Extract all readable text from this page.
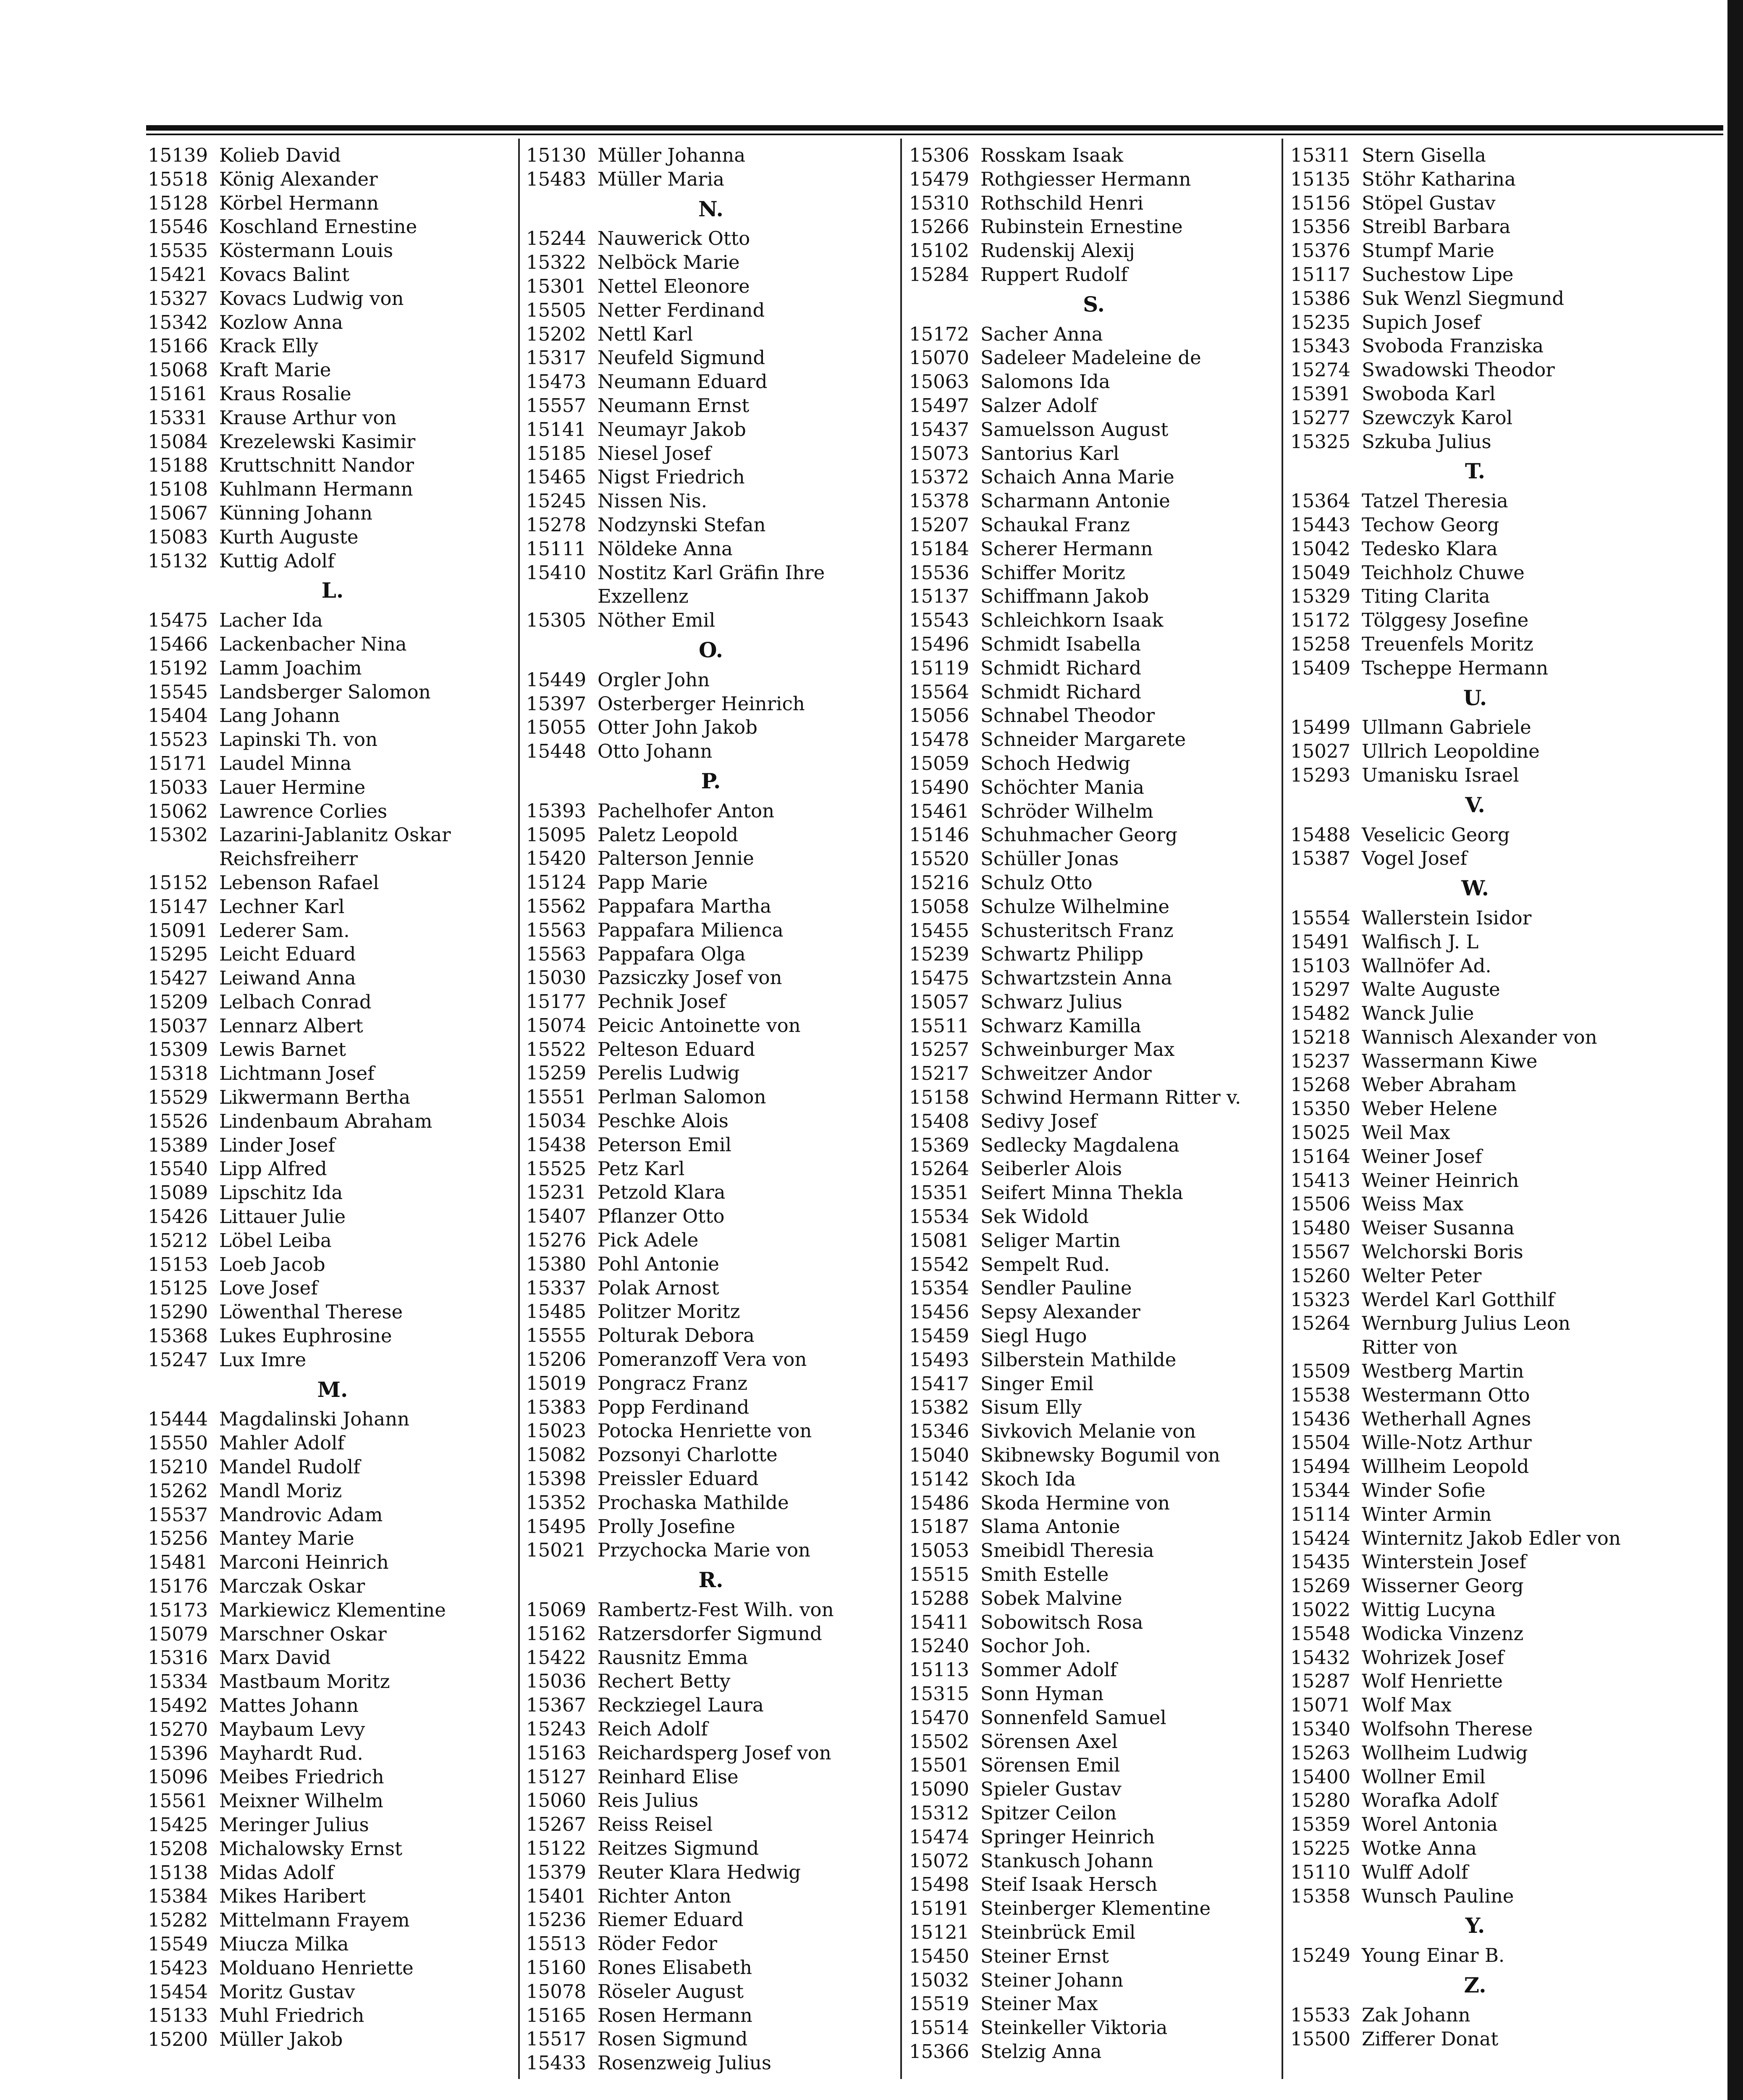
15139 Kolieb David
15518 König Alexander
15128 Körbel Hermann
15546 Koschland Ernestine
15535 Köstermann Louis
15421 Kovacs Balint
15327 Kovacs Ludwig von
15342 Kozlow Anna
15166 Krack Elly
15068 Kraft Marie
15161 Kraus Rosalie
15331 Krause Arthur von
15084 Krezelewski Kasimir
15188 Kruttschnitt Nandor
15108 Kuhlmann Hermann
15067 Künning Johann
15083 Kurth Auguste
15132 Kuttig Adolf
L.
15475 Lacher Ida
15466 Lackenbacher Nina
15192 Lamm Joachim
15545 Landsberger Salomon
15404 Lang Johann
15523 Lapinski Th. von
15171 Laudel Minna
15033 Lauer Hermine
15062 Lawrence Corlies
15302 Lazarini-Jablanitz Oskar
Reichsfreiherr
15152 Lebenson Rafael
15147 Lechner Karl
15091 Lederer Sam.
15295 Leicht Eduard
15427 Leiwand Anna
15209 Lelbach Conrad
15037 Lennarz Albert
15309 Lewis Barnet
15318 Lichtmann Josef
15529 Likwermann Bertha
15526 Lindenbaum Abraham
15389 Linder Josef
15540 Lipp Alfred
15089 Lipschitz Ida
15426 Littauer Julie
15212 Löbel Leiba
15153 Loeb Jacob
15125 Love Josef
15290 Löwenthal Therese
15368 Lukes Euphrosine
15247 Lux Imre
M.
15444 Magdalinski Johann
15550 Mahler Adolf
15210 Mandel Rudolf
15262 Mandl Moriz
15537 Mandrovic Adam
15256 Mantey Marie
15481 Marconi Heinrich
15176 Marczak Oskar
15173 Markiewicz Klementine
15079 Marschner Oskar
15316 Marx David
15334 Mastbaum Moritz
15492 Mattes Johann
15270 Maybaum Levy
15396 Mayhardt Rud.
15096 Meibes Friedrich
15561 Meixner Wilhelm
15425 Meringer Julius
15208 Michalowsky Ernst
15138 Midas Adolf
15384 Mikes Haribert
15282 Mittelmann Frayem
15549 Miucza Milka
15423 Molduano Henriette
15454 Moritz Gustav
15133 Muhl Friedrich
15200 Müller Jakob
15130 Müller Johanna
15483 Müller Maria
N.
15244 Nauwerick Otto
15322 Nelböck Marie
15301 Nettel Eleonore
15505 Netter Ferdinand
15202 Nettl Karl
15317 Neufeld Sigmund
15473 Neumann Eduard
15557 Neumann Ernst
15141 Neumayr Jakob
15185 Niesel Josef
15465 Nigst Friedrich
15245 Nissen Nis.
15278 Nodzynski Stefan
15111 Nöldeke Anna
15410 Nostitz Karl Gräfin Ihre
Exzellenz
15305 Nöther Emil
O.
15449 Orgler John
15397 Osterberger Heinrich
15055 Otter John Jakob
15448 Otto Johann
P.
15393 Pachelhofer Anton
15095 Paletz Leopold
15420 Palterson Jennie
15124 Papp Marie
15562 Pappafara Martha
15563 Pappafara Milienca
15563 Pappafara Olga
15030 Pazsiczky Josef von
15177 Pechnik Josef
15074 Peicic Antoinette von
15522 Pelteson Eduard
15259 Perelis Ludwig
15551 Perlman Salomon
15034 Peschke Alois
15438 Peterson Emil
15525 Petz Karl
15231 Petzold Klara
15407 Pflanzer Otto
15276 Pick Adele
15380 Pohl Antonie
15337 Polak Arnost
15485 Politzer Moritz
15555 Polturak Debora
15206 Pomeranzoff Vera von
15019 Pongracz Franz
15383 Popp Ferdinand
15023 Potocka Henriette von
15082 Pozsonyi Charlotte
15398 Preissler Eduard
15352 Prochaska Mathilde
15495 Prolly Josefine
15021 Przychocka Marie von
R.
15069 Rambertz-Fest Wilh. von
15162 Ratzersdorfer Sigmund
15422 Rausnitz Emma
15036 Rechert Betty
15367 Reckziegel Laura
15243 Reich Adolf
15163 Reichardsperg Josef von
15127 Reinhard Elise
15060 Reis Julius
15267 Reiss Reisel
15122 Reitzes Sigmund
15379 Reuter Klara Hedwig
15401 Richter Anton
15236 Riemer Eduard
15513 Röder Fedor
15160 Rones Elisabeth
15078 Röseler August
15165 Rosen Hermann
15517 Rosen Sigmund
15433 Rosenzweig Julius
15306 Rosskam Isaak
15479 Rothgiesser Hermann
15310 Rothschild Henri
15266 Rubinstein Ernestine
15102 Rudenskij Alexij
15284 Ruppert Rudolf
S.
15172 Sacher Anna
15070 Sadeleer Madeleine de
15063 Salomons Ida
15497 Salzer Adolf
15437 Samuelsson August
15073 Santorius Karl
15372 Schaich Anna Marie
15378 Scharmann Antonie
15207 Schaukal Franz
15184 Scherer Hermann
15536 Schiffer Moritz
15137 Schiffmann Jakob
15543 Schleichkorn Isaak
15496 Schmidt Isabella
15119 Schmidt Richard
15564 Schmidt Richard
15056 Schnabel Theodor
15478 Schneider Margarete
15059 Schoch Hedwig
15490 Schöchter Mania
15461 Schröder Wilhelm
15146 Schuhmacher Georg
15520 Schüller Jonas
15216 Schulz Otto
15058 Schulze Wilhelmine
15455 Schusteritsch Franz
15239 Schwartz Philipp
15475 Schwartzstein Anna
15057 Schwarz Julius
15511 Schwarz Kamilla
15257 Schweinburger Max
15217 Schweitzer Andor
15158 Schwind Hermann Ritter v.
15408 Sedivy Josef
15369 Sedlecky Magdalena
15264 Seiberler Alois
15351 Seifert Minna Thekla
15534 Sek Widold
15081 Seliger Martin
15542 Sempelt Rud.
15354 Sendler Pauline
15456 Sepsy Alexander
15459 Siegl Hugo
15493 Silberstein Mathilde
15417 Singer Emil
15382 Sisum Elly
15346 Sivkovich Melanie von
15040 Skibnewsky Bogumil von
15142 Skoch Ida
15486 Skoda Hermine von
15187 Slama Antonie
15053 Smeibidl Theresia
15515 Smith Estelle
15288 Sobek Malvine
15411 Sobowitsch Rosa
15240 Sochor Joh.
15113 Sommer Adolf
15315 Sonn Hyman
15470 Sonnenfeld Samuel
15502 Sörensen Axel
15501 Sörensen Emil
15090 Spieler Gustav
15312 Spitzer Ceilon
15474 Springer Heinrich
15072 Stankusch Johann
15498 Steif Isaak Hersch
15191 Steinberger Klementine
15121 Steinbrück Emil
15450 Steiner Ernst
15032 Steiner Johann
15519 Steiner Max
15514 Steinkeller Viktoria
15366 Stelzig Anna
15311 Stern Gisella
15135 Stöhr Katharina
15156 Stöpel Gustav
15356 Streibl Barbara
15376 Stumpf Marie
15117 Suchestow Lipe
15386 Suk Wenzl Siegmund
15235 Supich Josef
15343 Svoboda Franziska
15274 Swadowski Theodor
15391 Swoboda Karl
15277 Szewczyk Karol
15325 Szkuba Julius
T.
15364 Tatzel Theresia
15443 Techow Georg
15042 Tedesko Klara
15049 Teichholz Chuwe
15329 Titing Clarita
15172 Tölggesy Josefine
15258 Treuenfels Moritz
15409 Tscheppe Hermann
U.
15499 Ullmann Gabriele
15027 Ullrich Leopoldine
15293 Umanisku Israel
V.
15488 Veselicic Georg
15387 Vogel Josef
W.
15554 Wallerstein Isidor
15491 Walfisch J. L
15103 Wallnöfer Ad.
15297 Walte Auguste
15482 Wanck Julie
15218 Wannisch Alexander von
15237 Wassermann Kiwe
15268 Weber Abraham
15350 Weber Helene
15025 Weil Max
15164 Weiner Josef
15413 Weiner Heinrich
15506 Weiss Max
15480 Weiser Susanna
15567 Welchorski Boris
15260 Welter Peter
15323 Werdel Karl Gotthilf
15264 Wernburg Julius Leon
Ritter von
15509 Westberg Martin
15538 Westermann Otto
15436 Wetherhall Agnes
15504 Wille-Notz Arthur
15494 Willheim Leopold
15344 Winder Sofie
15114 Winter Armin
15424 Winternitz Jakob Edler von
15435 Winterstein Josef
15269 Wisserner Georg
15022 Wittig Lucyna
15548 Wodicka Vinzenz
15432 Wohrizek Josef
15287 Wolf Henriette
15071 Wolf Max
15340 Wolfsohn Therese
15263 Wollheim Ludwig
15400 Wollner Emil
15280 Worafka Adolf
15359 Worel Antonia
15225 Wotke Anna
15110 Wulff Adolf
15358 Wunsch Pauline
Y.
15249 Young Einar B.
Z.
15533 Zak Johann
15500 Zifferer Donat
